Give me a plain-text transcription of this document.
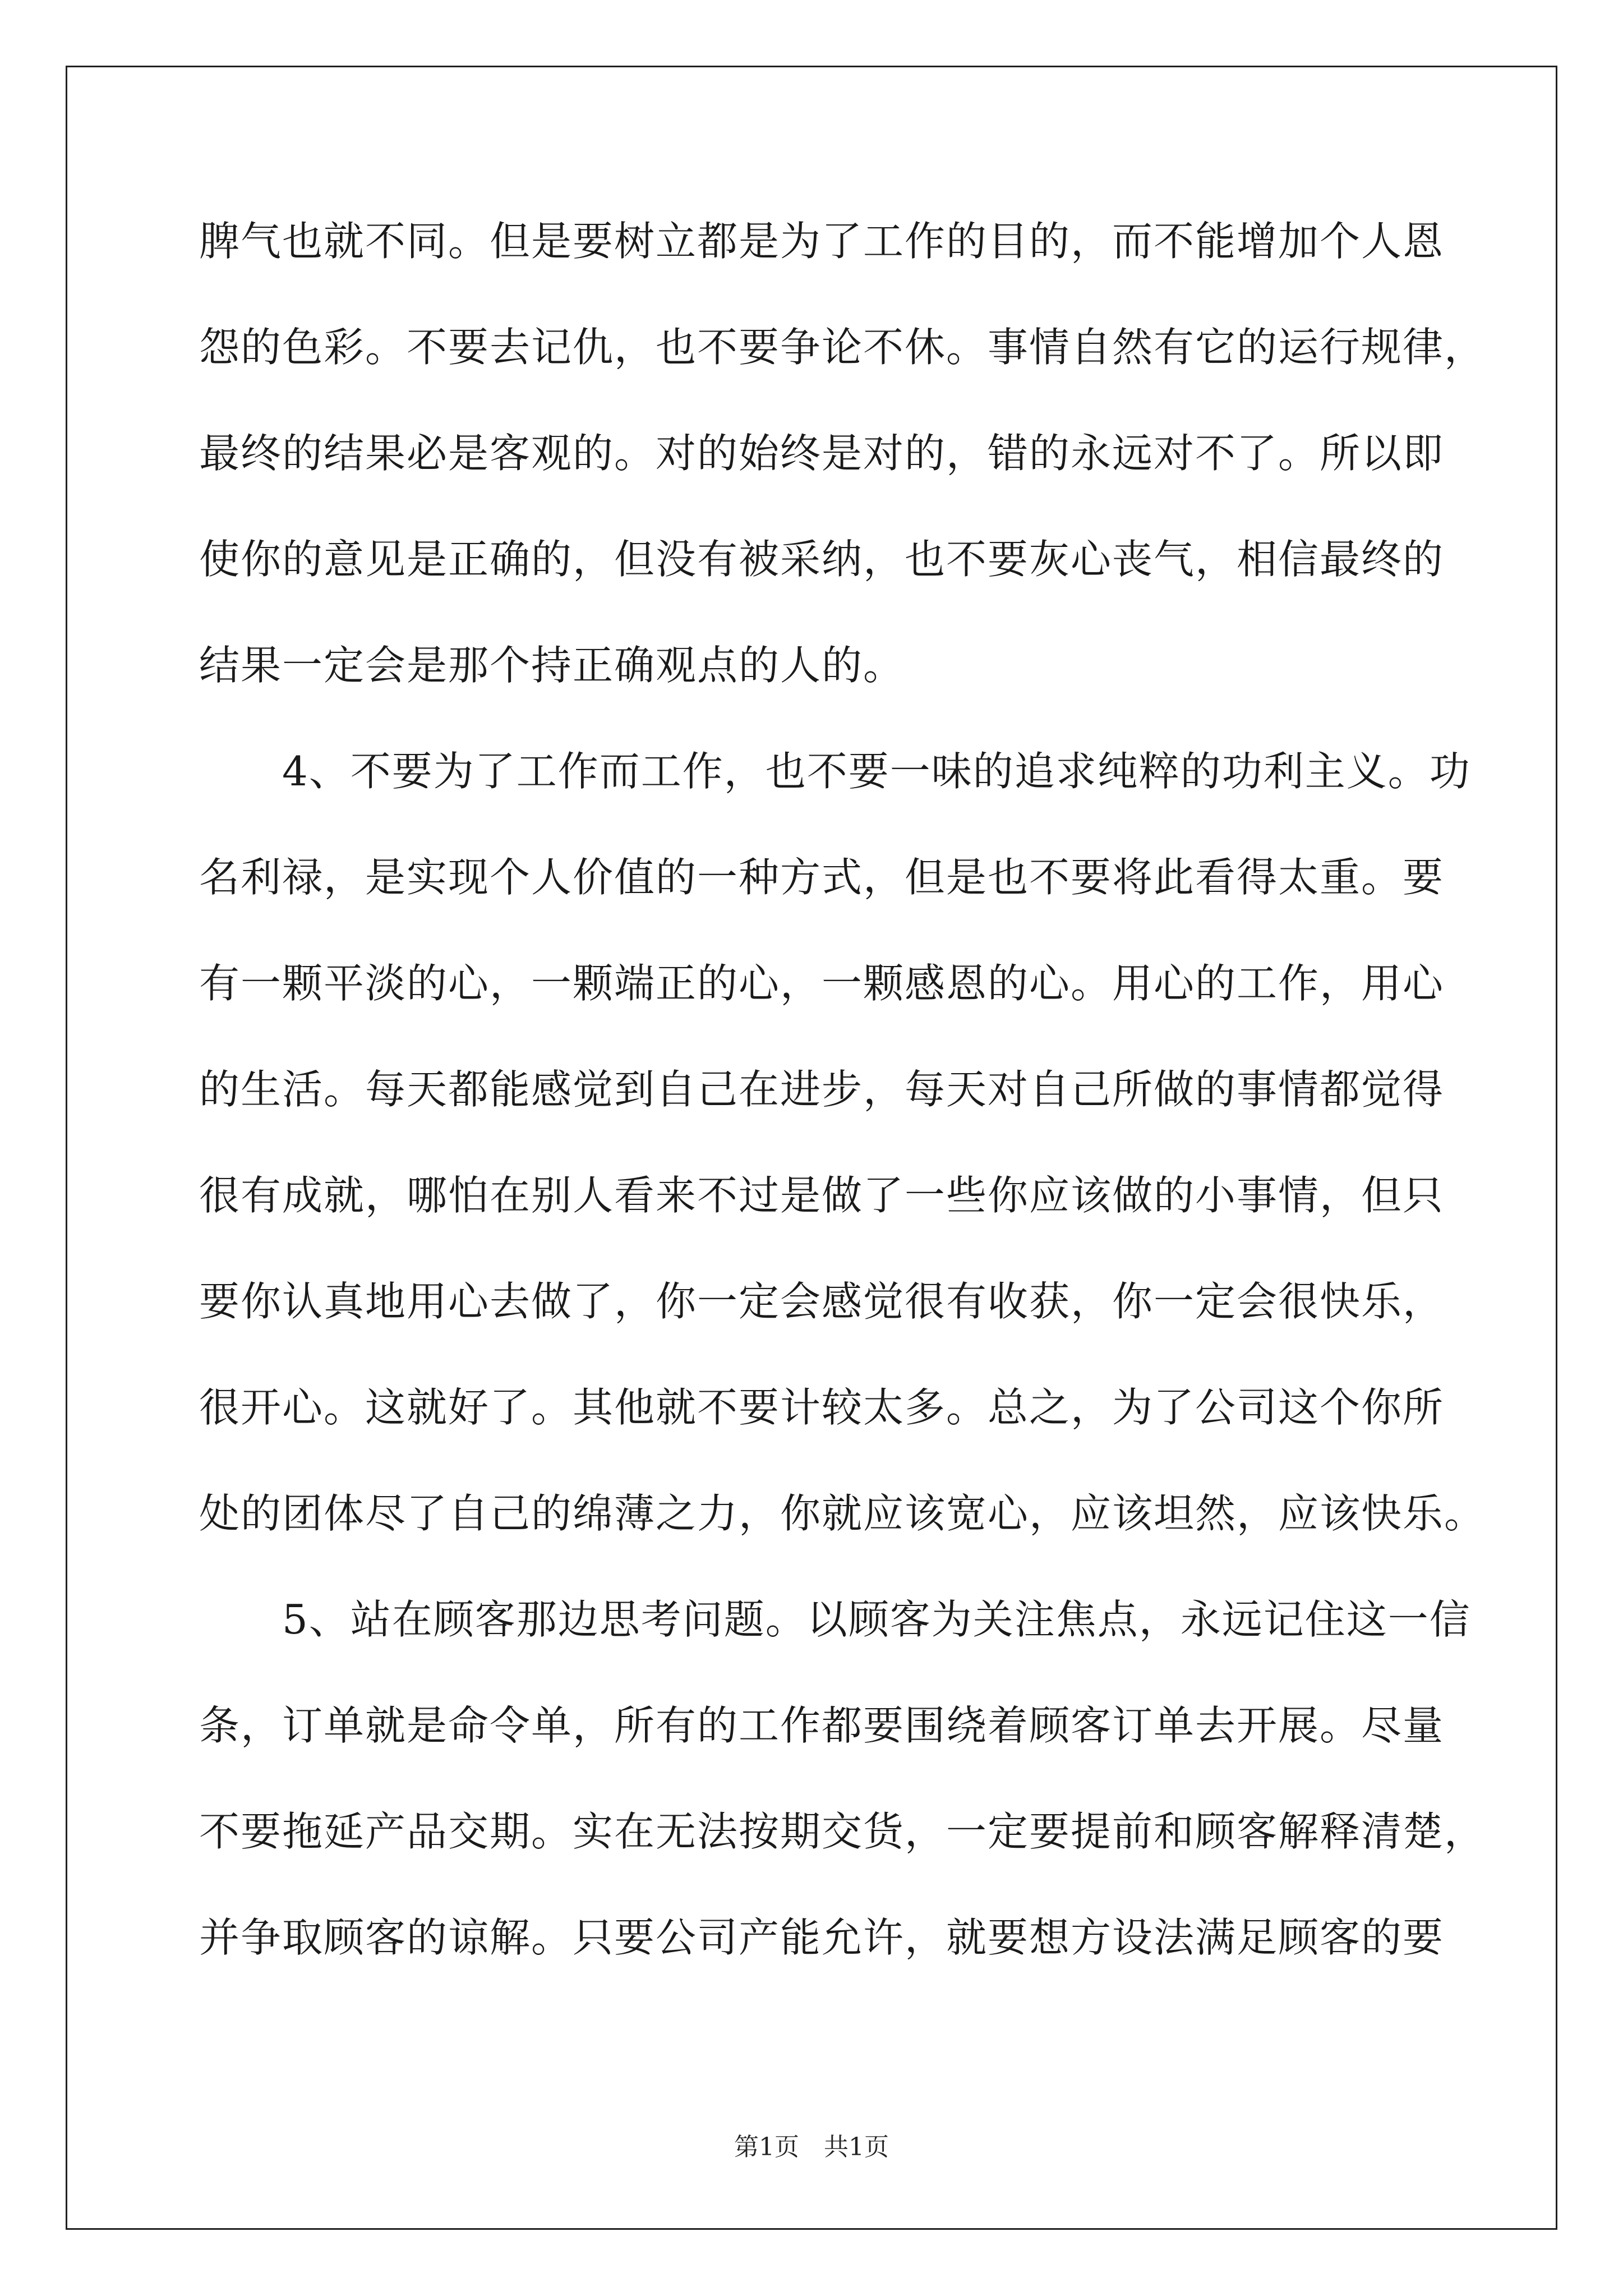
脾气也就不同。但是要树立都是为了工作的目的，而不能增加个人恩
怨的色彩。不要去记仇，也不要争论不休。事情自然有它的运行规律，
最终的结果必是客观的。对的始终是对的，错的永远对不了。所以即
使你的意见是正确的，但没有被采纳，也不要灰心丧气，相信最终的
结果一定会是那个持正确观点的人的。
4、不要为了工作而工作，也不要一味的追求纯粹的功利主义。功
名利禄，是实现个人价值的一种方式，但是也不要将此看得太重。要
有一颗平淡的心，一颗端正的心，一颗感恩的心。用心的工作，用心
的生活。每天都能感觉到自己在进步，每天对自己所做的事情都觉得
很有成就，哪怕在别人看来不过是做了一些你应该做的小事情，但只
要你认真地用心去做了，你一定会感觉很有收获，你一定会很快乐，
很开心。这就好了。其他就不要计较太多。总之，为了公司这个你所
处的团体尽了自己的绵薄之力，你就应该宽心，应该坦然，应该快乐。
5、站在顾客那边思考问题。以顾客为关注焦点，永远记住这一信
条，订单就是命令单，所有的工作都要围绕着顾客订单去开展。尽量
不要拖延产品交期。实在无法按期交货，一定要提前和顾客解释清楚，
并争取顾客的谅解。只要公司产能允许，就要想方设法满足顾客的要
第1页　共1页
